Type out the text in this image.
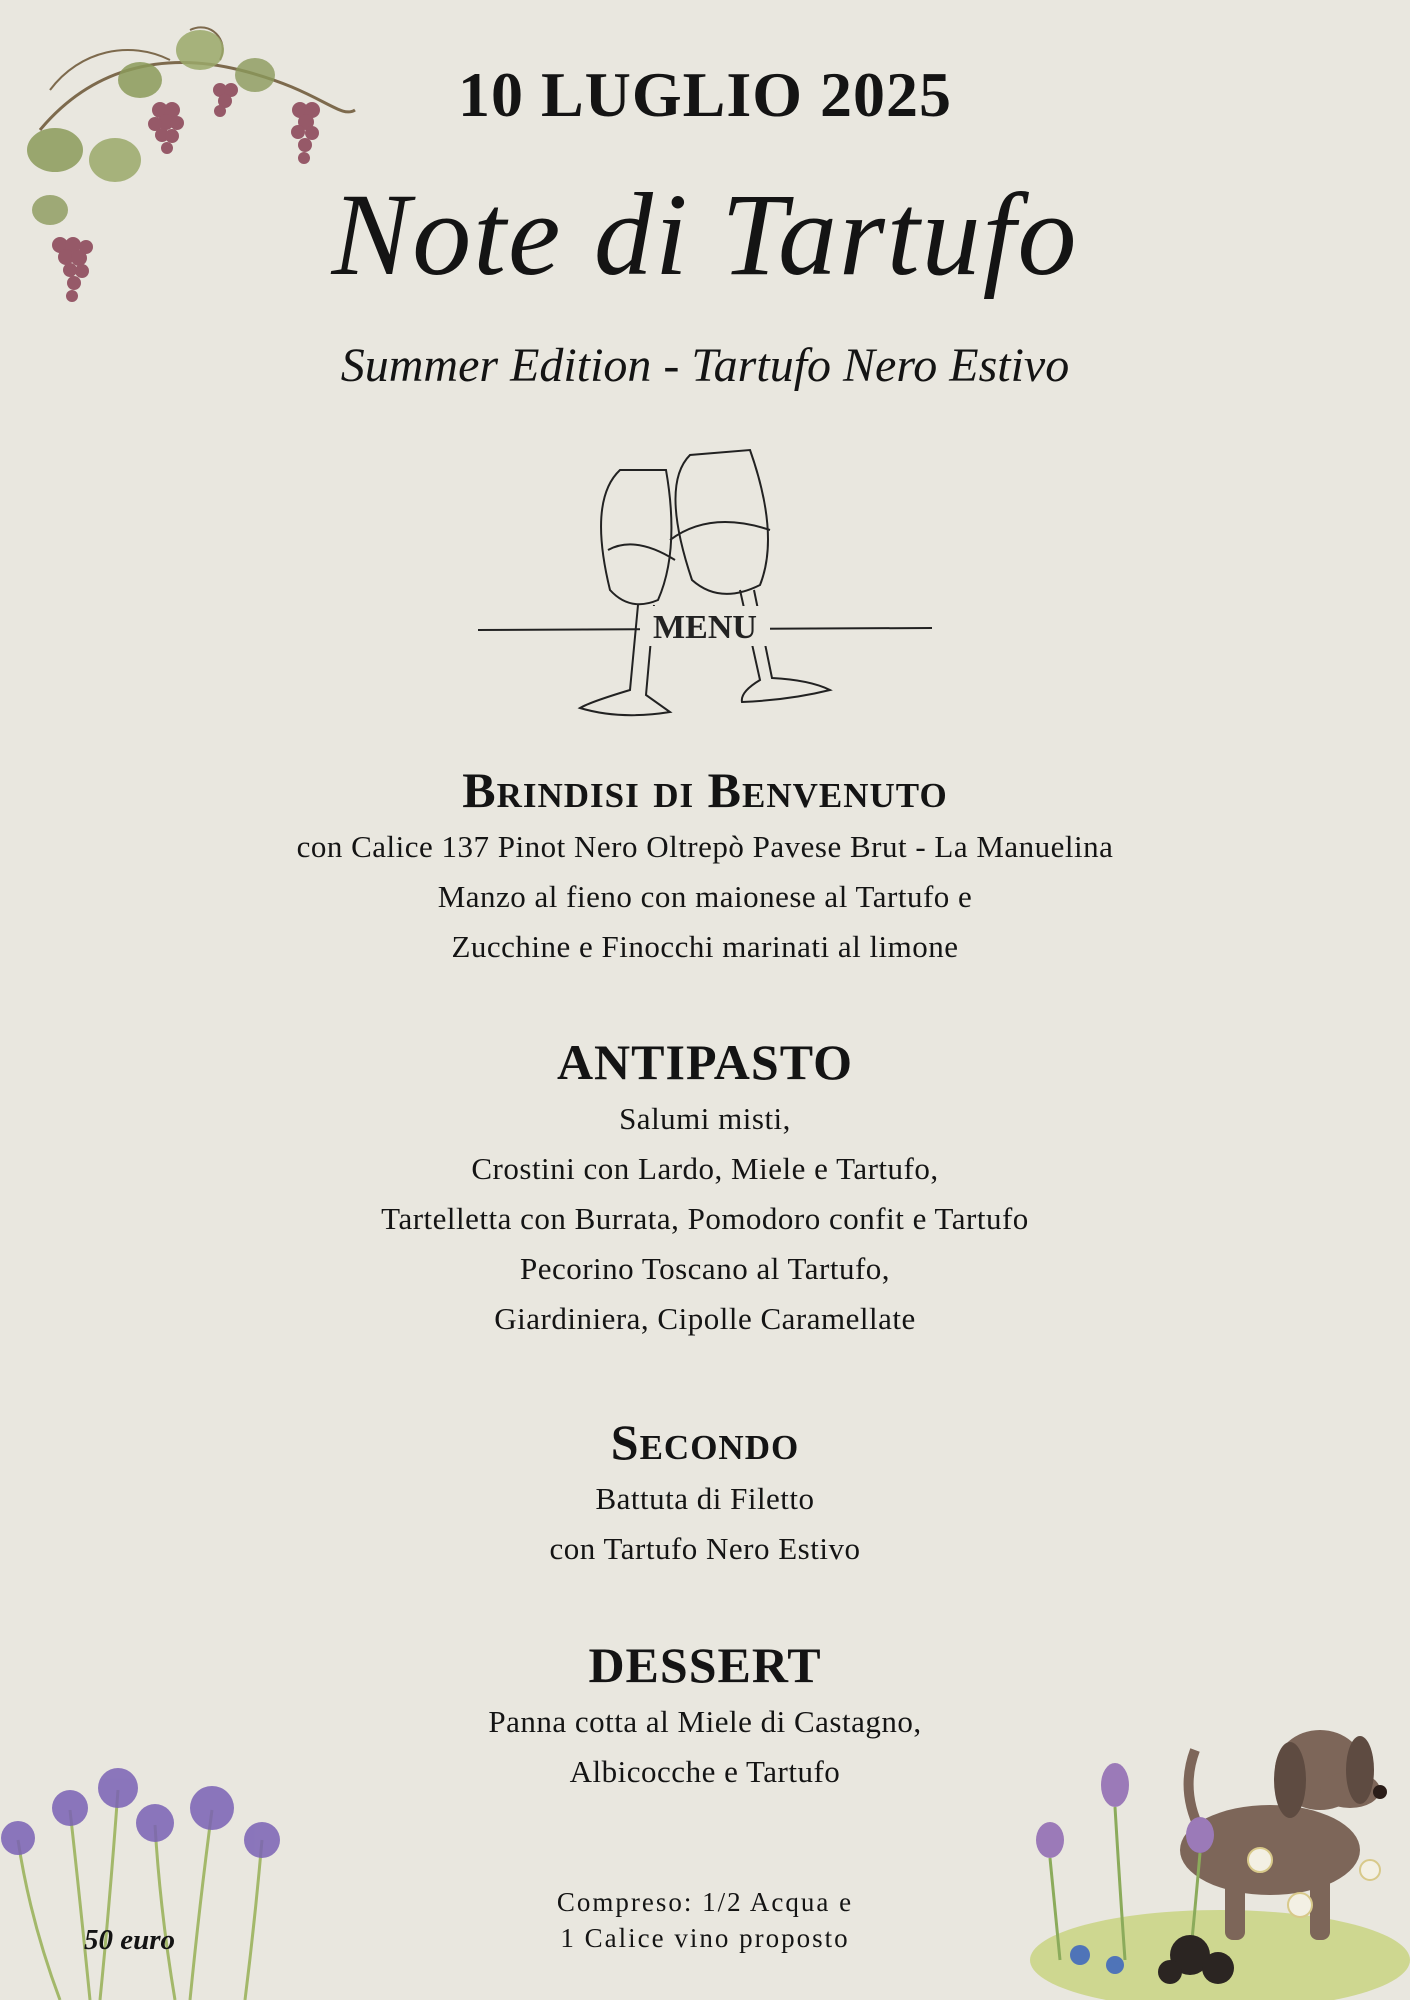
10 LUGLIO 2025
Note di Tartufo
Summer Edition - Tartufo Nero Estivo
MENU
Brindisi di Benvenuto

con Calice 137 Pinot Nero Oltrepò Pavese Brut - La Manuelina

Manzo al fieno con maionese al Tartufo e

Zucchine e Finocchi marinati al limone

ANTIPASTO

Salumi misti,

Crostini con Lardo, Miele e Tartufo,

Tartelletta con Burrata, Pomodoro confit e Tartufo

Pecorino Toscano al Tartufo,

Giardiniera, Cipolle Caramellate

Secondo

Battuta di Filetto

con Tartufo Nero Estivo

DESSERT

Panna cotta al Miele di Castagno,

Albicocche e Tartufo

50 euro

Compreso: 1/2 Acqua e

1 Calice vino proposto
